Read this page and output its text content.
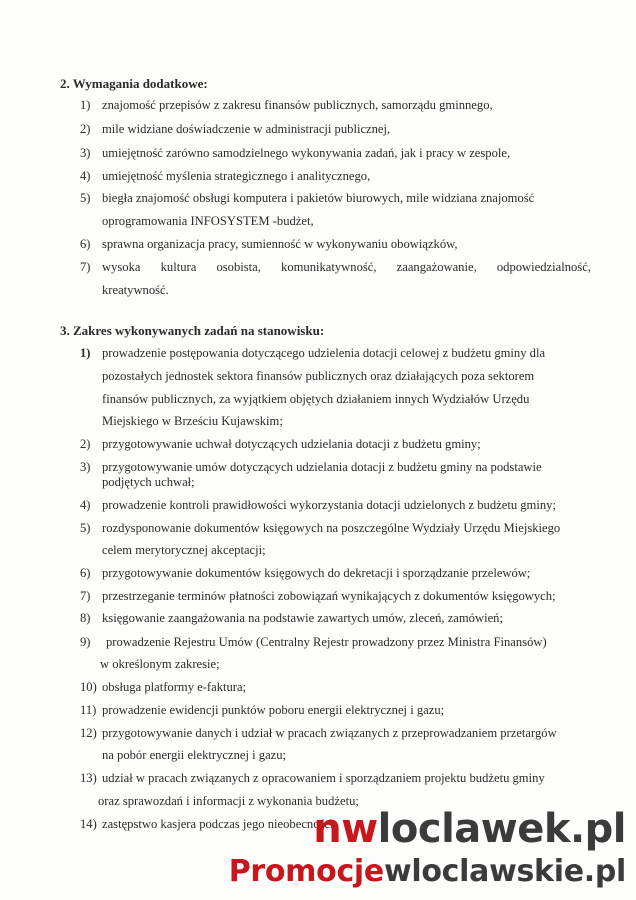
2. Wymagania dodatkowe:
1) znajomość przepisów z zakresu finansów publicznych, samorządu gminnego,
2) mile widziane doświadczenie w administracji publicznej,
3) umiejętność zarówno samodzielnego wykonywania zadań, jak i pracy w zespole,
4) umiejętność myślenia strategicznego i analitycznego,
5) biegła znajomość obsługi komputera i pakietów biurowych, mile widziana znajomość
oprogramowania INFOSYSTEM -budżet,
6) sprawna organizacja pracy, sumienność w wykonywaniu obowiązków,
7) wysoka kultura osobista, komunikatywność, zaangażowanie, odpowiedzialność,
kreatywność.
3. Zakres wykonywanych zadań na stanowisku:
1) prowadzenie postępowania dotyczącego udzielenia dotacji celowej z budżetu gminy dla
pozostałych jednostek sektora finansów publicznych oraz działających poza sektorem
finansów publicznych, za wyjątkiem objętych działaniem innych Wydziałów Urzędu
Miejskiego w Brześciu Kujawskim;
2) przygotowywanie uchwał dotyczących udzielania dotacji z budżetu gminy;
3) przygotowywanie umów dotyczących udzielania dotacji z budżetu gminy na podstawie
podjętych uchwał;
4) prowadzenie kontroli prawidłowości wykorzystania dotacji udzielonych z budżetu gminy;
5) rozdysponowanie dokumentów księgowych na poszczególne Wydziały Urzędu Miejskiego
celem merytorycznej akceptacji;
6) przygotowywanie dokumentów księgowych do dekretacji i sporządzanie przelewów;
7) przestrzeganie terminów płatności zobowiązań wynikających z dokumentów księgowych;
8) księgowanie zaangażowania na podstawie zawartych umów, zleceń, zamówień;
9) prowadzenie Rejestru Umów (Centralny Rejestr prowadzony przez Ministra Finansów)
w określonym zakresie;
10) obsługa platformy e-faktura;
11) prowadzenie ewidencji punktów poboru energii elektrycznej i gazu;
12) przygotowywanie danych i udział w pracach związanych z przeprowadzaniem przetargów
na pobór energii elektrycznej i gazu;
13) udział w pracach związanych z opracowaniem i sporządzaniem projektu budżetu gminy
oraz sprawozdań i informacji z wykonania budżetu;
14) zastępstwo kasjera podczas jego nieobecności;
nwloclawek.pl
Promocjewloclawskie.pl
